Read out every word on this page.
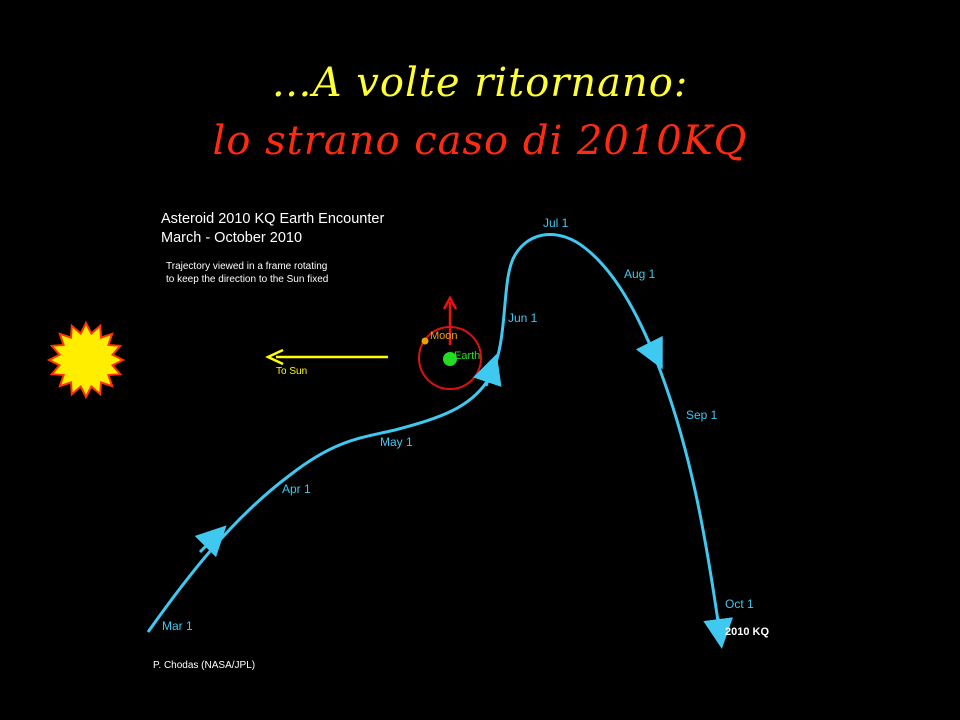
…A volte ritornano:
lo strano caso di 2010KQ
Asteroid 2010 KQ Earth Encounter
March - October 2010
Trajectory viewed in a frame rotating
to keep the direction to the Sun fixed
P. Chodas (NASA/JPL)
To Sun
Moon
Earth
Mar 1
Apr 1
May 1
Jun 1
Jul 1
Aug 1
Sep 1
Oct 1
2010 KQ
